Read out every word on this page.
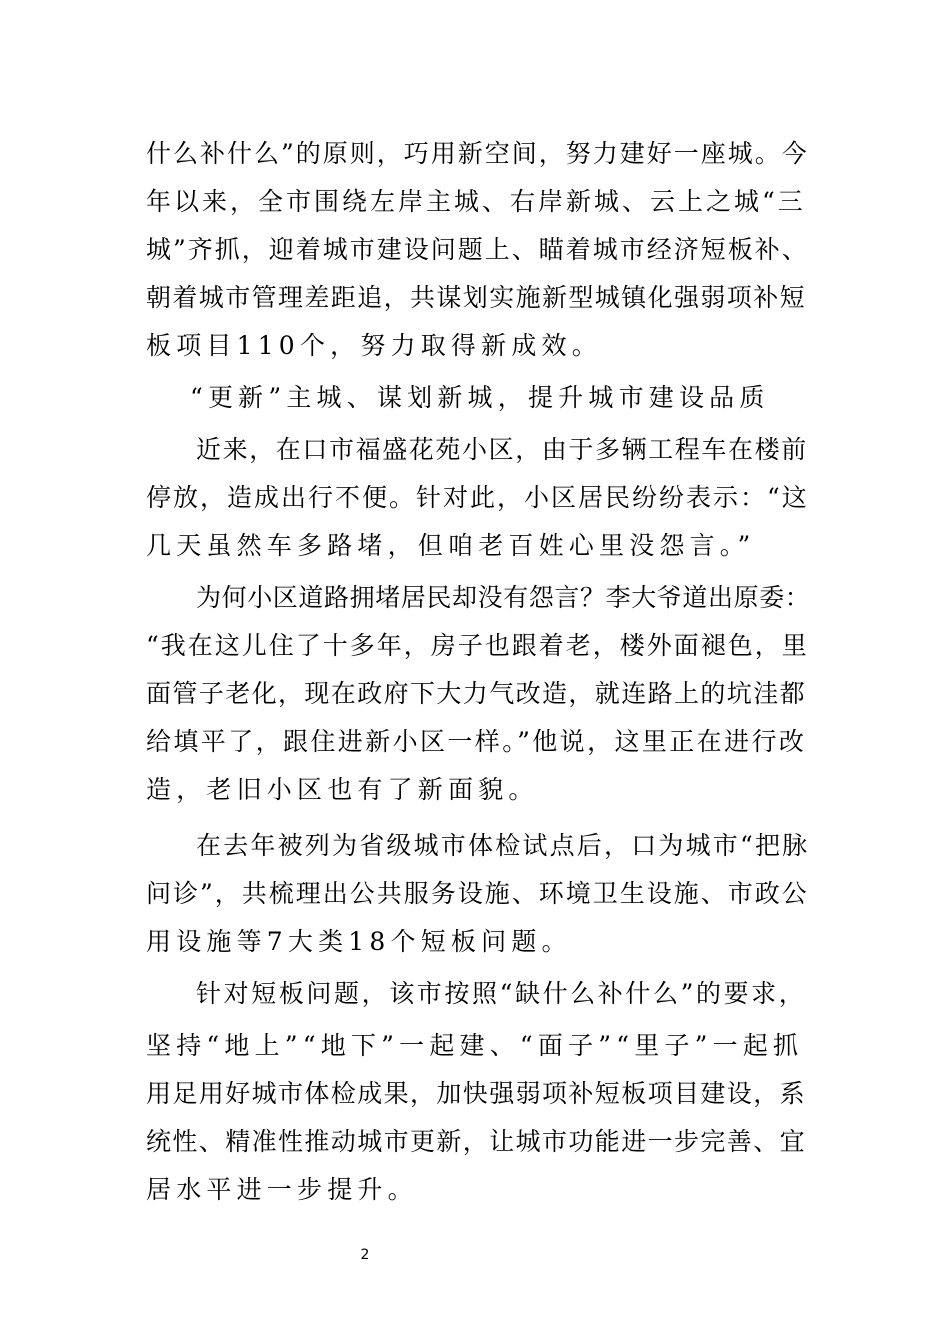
什么补什么”的原则，巧用新空间，努力建好一座城。今
年以来，全市围绕左岸主城、右岸新城、云上之城“三
城”齐抓，迎着城市建设问题上、瞄着城市经济短板补、
朝着城市管理差距追，共谋划实施新型城镇化强弱项补短
板项目110个，努力取得新成效。
“更新”主城、谋划新城，提升城市建设品质
近来，在口市福盛花苑小区，由于多辆工程车在楼前
停放，造成出行不便。针对此，小区居民纷纷表示：“这
几天虽然车多路堵，但咱老百姓心里没怨言。”
为何小区道路拥堵居民却没有怨言？李大爷道出原委：
“我在这儿住了十多年，房子也跟着老，楼外面褪色，里
面管子老化，现在政府下大力气改造，就连路上的坑洼都
给填平了，跟住进新小区一样。”他说，这里正在进行改
造，老旧小区也有了新面貌。
在去年被列为省级城市体检试点后，口为城市“把脉
问诊”，共梳理出公共服务设施、环境卫生设施、市政公
用设施等7大类18个短板问题。
针对短板问题，该市按照“缺什么补什么”的要求，
坚持“地上”“地下”一起建、“面子”“里子”一起抓
用足用好城市体检成果，加快强弱项补短板项目建设，系
统性、精准性推动城市更新，让城市功能进一步完善、宜
居水平进一步提升。
2
